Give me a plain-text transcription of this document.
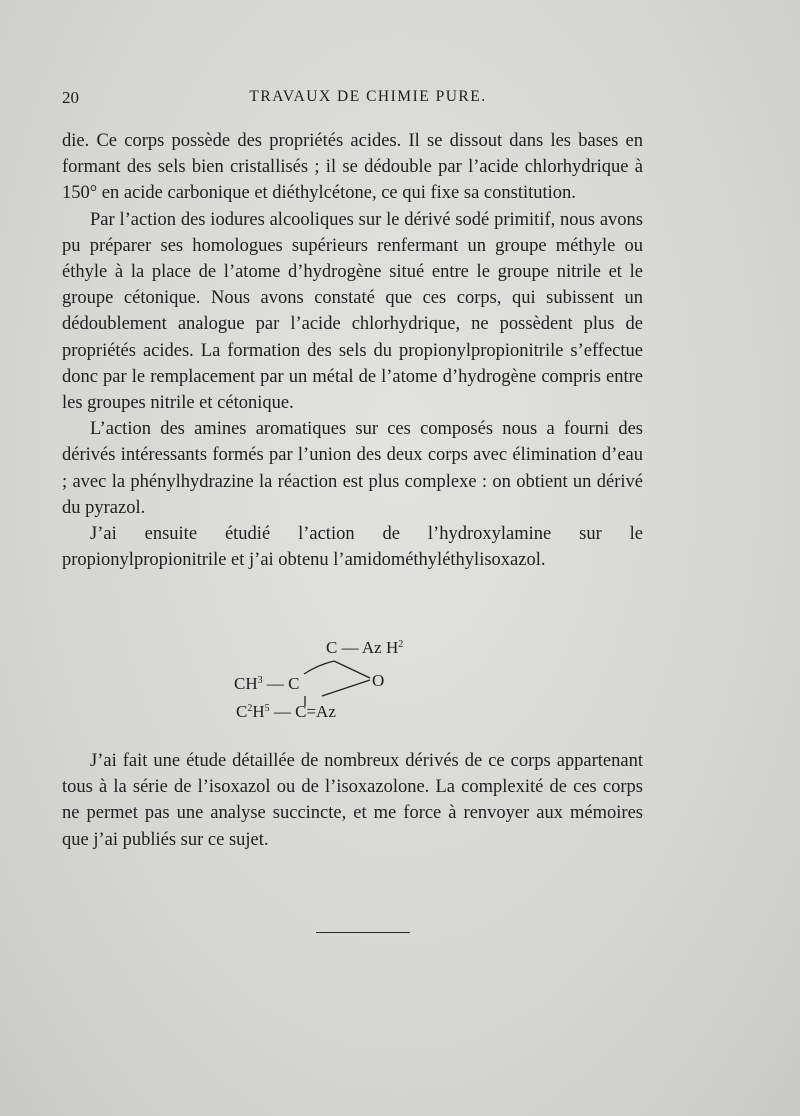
20	TRAVAUX DE CHIMIE PURE.

die. Ce corps possède des propriétés acides. Il se dissout dans les bases en formant des sels bien cristallisés ; il se dédouble par l’acide chlorhydrique à 150° en acide carbonique et diéthylcétone, ce qui fixe sa constitution.

Par l’action des iodures alcooliques sur le dérivé sodé primitif, nous avons pu préparer ses homologues supérieurs renfermant un groupe méthyle ou éthyle à la place de l’atome d’hydrogène situé entre le groupe nitrile et le groupe cétonique. Nous avons constaté que ces corps, qui subissent un dédoublement analogue par l’acide chlorhydrique, ne possèdent plus de propriétés acides. La formation des sels du propionylpropionitrile s’effectue donc par le remplacement par un métal de l’atome d’hydrogène compris entre les groupes nitrile et cétonique.

L’action des amines aromatiques sur ces composés nous a fourni des dérivés intéressants formés par l’union des deux corps avec élimination d’eau ; avec la phénylhydrazine la réaction est plus complexe : on obtient un dérivé du pyrazol.

J’ai ensuite étudié l’action de l’hydroxylamine sur le propionylpropionitrile et j’ai obtenu l’amidométhyléthylisoxazol.

C — Az $H^2$
$CH^3$ — C	O
$C^2H^5$ — C=Az

J’ai fait une étude détaillée de nombreux dérivés de ce corps appartenant tous à la série de l’isoxazol ou de l’isoxazolone. La complexité de ces corps ne permet pas une analyse succincte, et me force à renvoyer aux mémoires que j’ai publiés sur ce sujet.
